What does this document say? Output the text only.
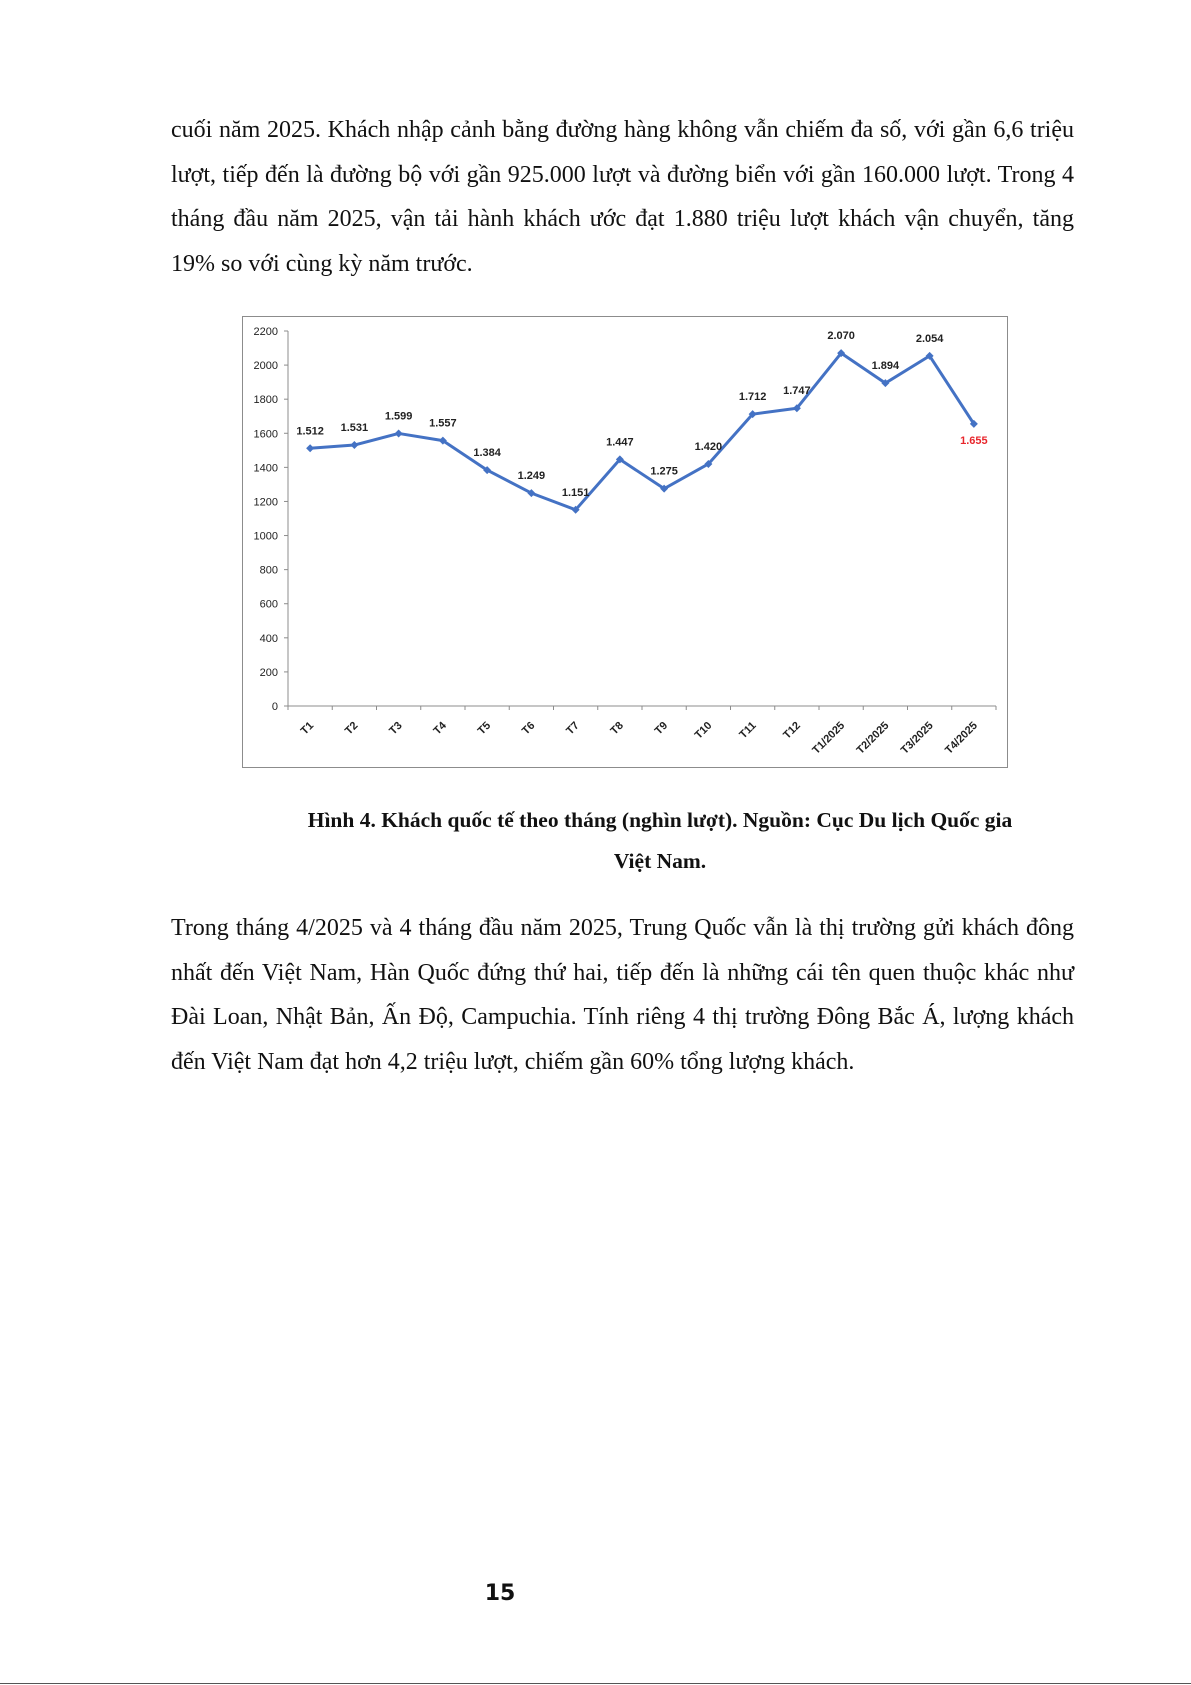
cuối năm 2025. Khách nhập cảnh bằng đường hàng không vẫn chiếm đa số, với gần 6,6 triệu lượt, tiếp đến là đường bộ với gần 925.000 lượt và đường biển với gần 160.000 lượt. Trong 4 tháng đầu năm 2025, vận tải hành khách ước đạt 1.880 triệu lượt khách vận chuyển, tăng 19% so với cùng kỳ năm trước.

0
200
400
600
800
1000
1200
1400
1600
1800
2000
2200
T1 T2 T3 T4 T5 T6 T7 T8 T9 T10 T11 T12 T1/2025 T2/2025 T3/2025 T4/2025
1.512 1.531
1.599
1.557
1.384
1.249
1.151
1.447
1.275
1.420
1.712 1.747
2.070
1.894
2.054
1.655

Hình 4. Khách quốc tế theo tháng (nghìn lượt). Nguồn: Cục Du lịch Quốc gia
Việt Nam.

Trong tháng 4/2025 và 4 tháng đầu năm 2025, Trung Quốc vẫn là thị trường gửi khách đông nhất đến Việt Nam, Hàn Quốc đứng thứ hai, tiếp đến là những cái tên quen thuộc khác như Đài Loan, Nhật Bản, Ấn Độ, Campuchia. Tính riêng 4 thị trường Đông Bắc Á, lượng khách đến Việt Nam đạt hơn 4,2 triệu lượt, chiếm gần 60% tổng lượng khách.

15
